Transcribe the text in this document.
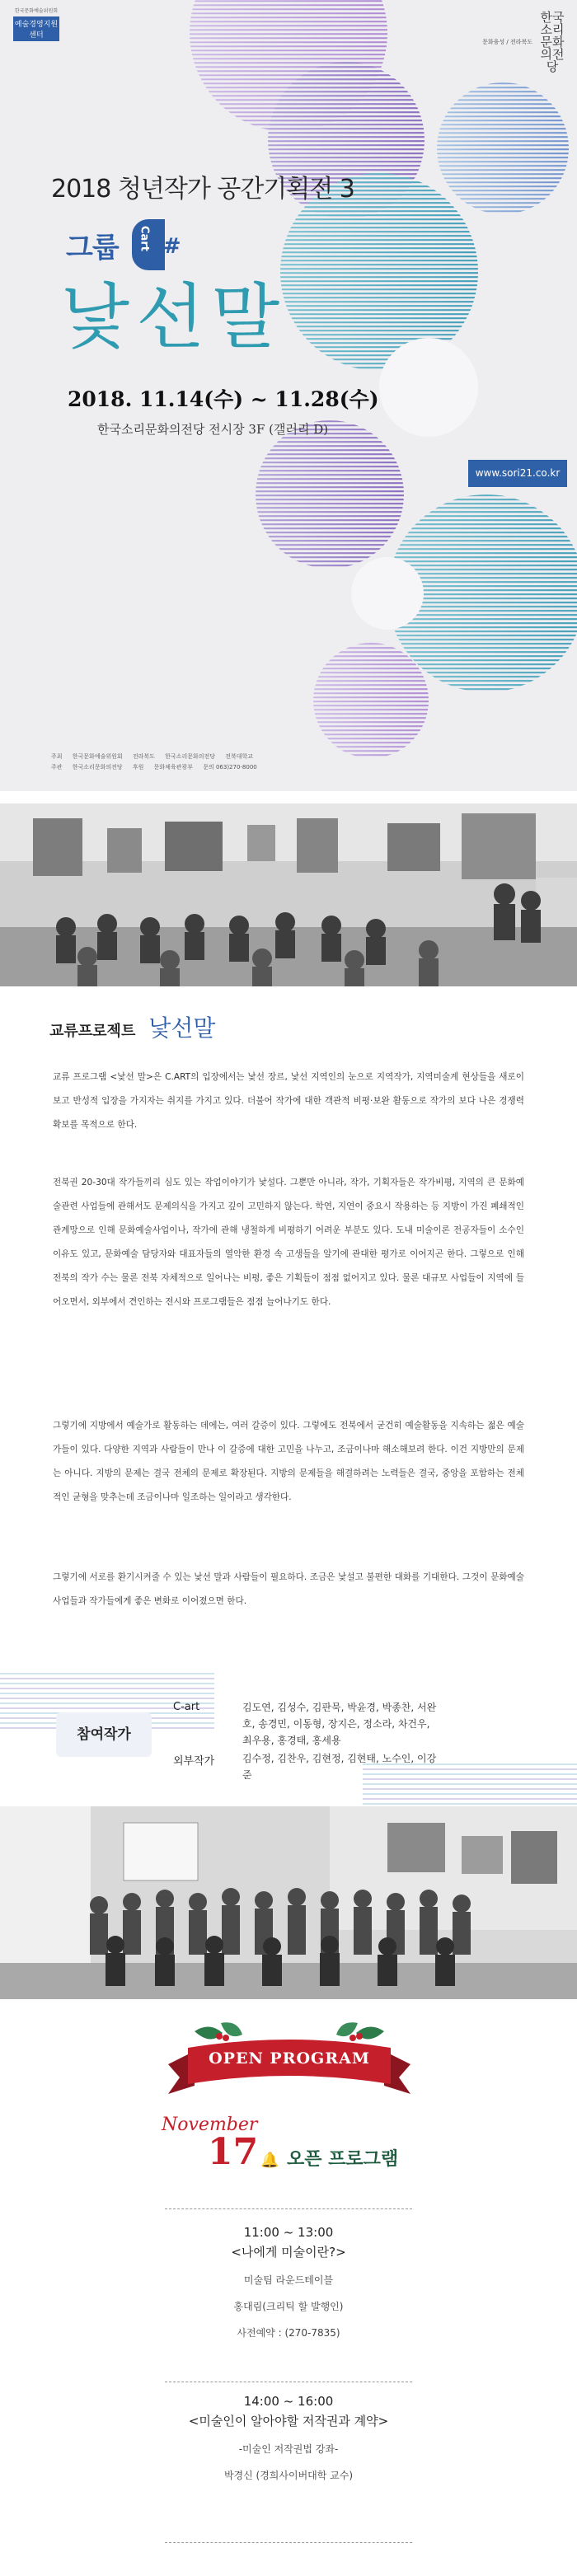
한국문화예술위원회
예술경영지원센터
문화융성 / 전라북도
한국소리문화의전당
2018 청년작가 공간기획전 3
그룹 Cart #
낯선말
2018. 11.14(수) ~ 11.28(수)
한국소리문화의전당 전시장 3F (갤러리 D)
www.sori21.co.kr
주최 한국문화예술위원회 전라북도 한국소리문화의전당 전북대학교
주관 한국소리문화의전당 후원 문화체육관광부 문의 063)270-8000
교류프로젝트 낯선말
교류 프로그램 <낯선 말>은 C.ART의 입장에서는 낯선 장르, 낯선 지역인의 눈으로 지역작가, 지역미술계 현상들을 새로이 보고 반성적 입장을 가지자는 취지를 가지고 있다. 더불어 작가에 대한 객관적 비평·보완 활동으로 작가의 보다 나은 경쟁력 확보를 목적으로 한다.
전북권 20-30대 작가들끼리 심도 있는 작업이야기가 낯설다. 그뿐만 아니라, 작가, 기획자들은 작가비평, 지역의 큰 문화예술관련 사업들에 관해서도 문제의식을 가지고 깊이 고민하지 않는다. 학연, 지연이 중요시 작용하는 등 지방이 가진 폐쇄적인 관계망으로 인해 문화예술사업이나, 작가에 관해 냉철하게 비평하기 어려운 부분도 있다. 도내 미술이론 전공자들이 소수인 이유도 있고, 문화예술 담당자와 대표자들의 열악한 환경 속 고생들을 알기에 관대한 평가로 이어지곤 한다. 그렇으로 인해 전북의 작가 수는 물론 전북 자체적으로 일어나는 비평, 좋은 기획들이 점점 없어지고 있다. 물론 대규모 사업들이 지역에 들어오면서, 외부에서 견인하는 전시와 프로그램들은 점점 늘어나기도 한다.
그렇기에 지방에서 예술가로 활동하는 데에는, 여러 갈증이 있다. 그렇에도 전북에서 굳건히 예술활동을 지속하는 젊은 예술가들이 있다. 다양한 지역과 사람들이 만나 이 갈증에 대한 고민을 나누고, 조금이나마 해소해보려 한다. 이건 지방만의 문제는 아니다. 지방의 문제는 결국 전체의 문제로 확장된다. 지방의 문제들을 해결하려는 노력들은 결국, 중앙을 포함하는 전체적인 균형을 맞추는데 조금이나마 일조하는 일이라고 생각한다.
그렇기에 서로를 환기시켜줄 수 있는 낯선 말과 사람들이 필요하다. 조금은 낯설고 불편한 대화를 기대한다. 그것이 문화예술사업들과 작가들에게 좋은 변화로 이어졌으면 한다.
참여작가
C-art	김도연, 김성수, 김판묵, 박윤경, 박종찬, 서완호, 송경민, 이동형, 장지은, 정소라, 차건우, 최우용, 홍경태, 홍세용
외부작가	김수정, 김찬우, 김현정, 김현태, 노수인, 이강준
OPEN PROGRAM
November
17 🔔 오픈 프로그램
11:00 ~ 13:00
<나에게 미술이란?>
미술팀 라운드테이블
홍대림(크리틱 할 발행인)
사전예약 : (270-7835)
14:00 ~ 16:00
<미술인이 알아야할 저작권과 계약>
-미술인 저작권법 강좌-
박경신 (경희사이버대학 교수)
